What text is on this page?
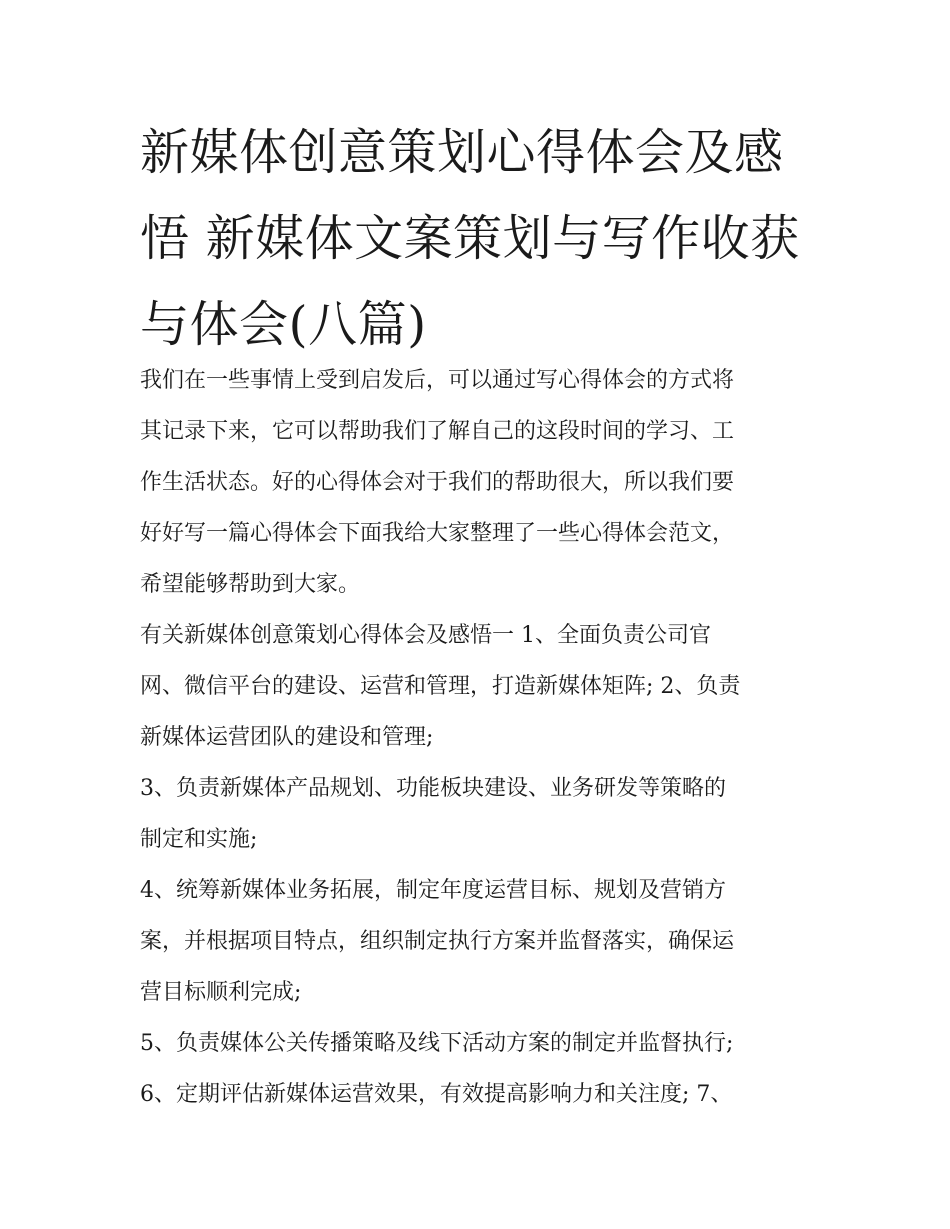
新媒体创意策划心得体会及感
悟 新媒体文案策划与写作收获
与体会(八篇)

我们在一些事情上受到启发后，可以通过写心得体会的方式将
其记录下来，它可以帮助我们了解自己的这段时间的学习、工
作生活状态。好的心得体会对于我们的帮助很大，所以我们要
好好写一篇心得体会下面我给大家整理了一些心得体会范文，
希望能够帮助到大家。

有关新媒体创意策划心得体会及感悟一 1、全面负责公司官
网、微信平台的建设、运营和管理，打造新媒体矩阵; 2、负责
新媒体运营团队的建设和管理;

3、负责新媒体产品规划、功能板块建设、业务研发等策略的
制定和实施;

4、统筹新媒体业务拓展，制定年度运营目标、规划及营销方
案，并根据项目特点，组织制定执行方案并监督落实，确保运
营目标顺利完成;

5、负责媒体公关传播策略及线下活动方案的制定并监督执行;

6、定期评估新媒体运营效果，有效提高影响力和关注度; 7、
